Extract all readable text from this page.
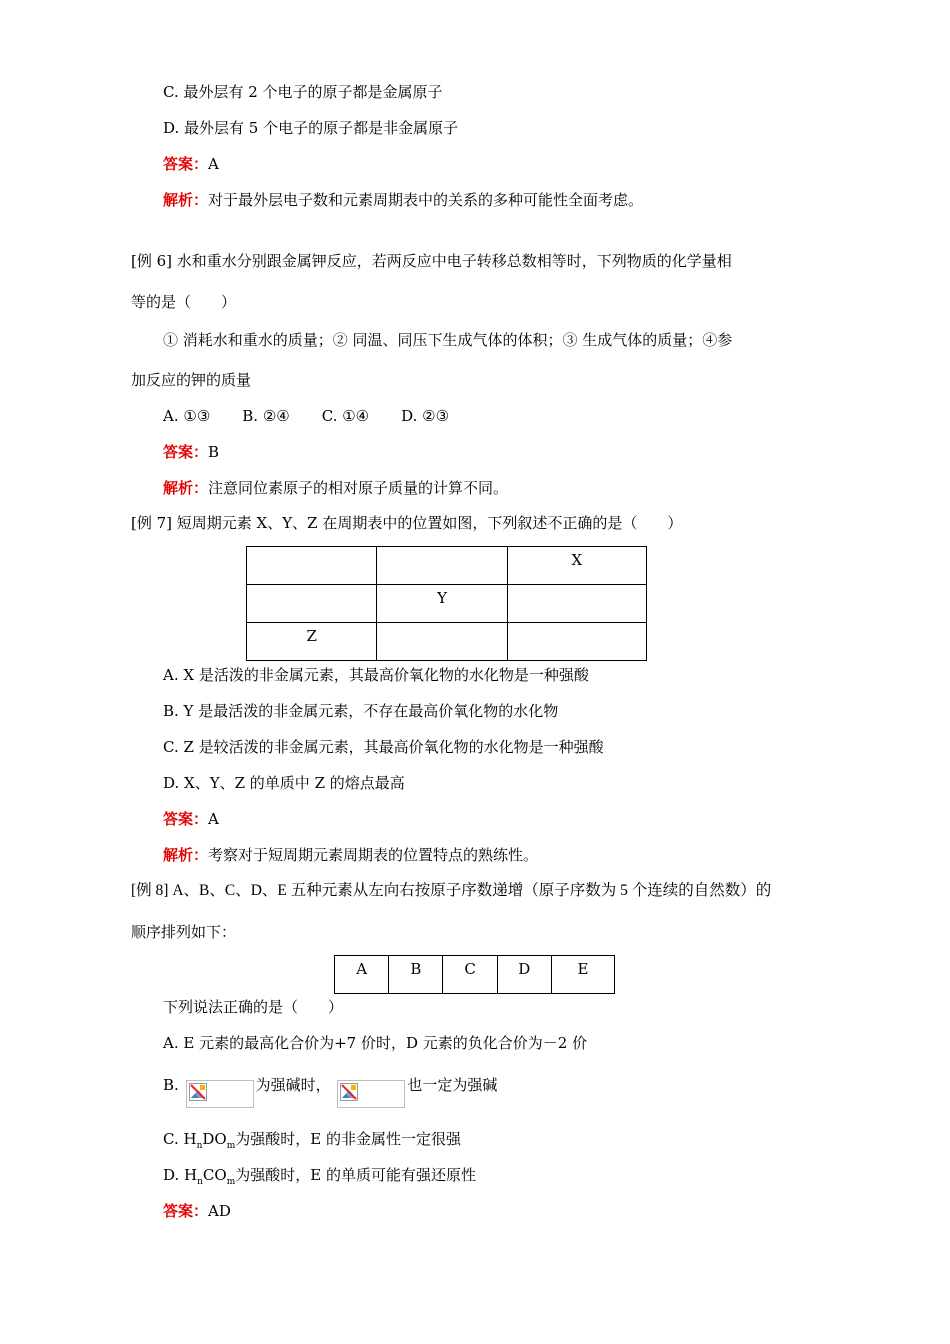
C. 最外层有 2 个电子的原子都是金属原子
D. 最外层有 5 个电子的原子都是非金属原子
答案：A
解析：对于最外层电子数和元素周期表中的关系的多种可能性全面考虑。
[例 6] 水和重水分别跟金属钾反应，若两反应中电子转移总数相等时，下列物质的化学量相
等的是（　　）
① 消耗水和重水的质量；② 同温、同压下生成气体的体积；③ 生成气体的质量；④参
加反应的钾的质量
A. ①③ B. ②④ C. ①④ D. ②③
答案：B
解析：注意同位素原子的相对原子质量的计算不同。
[例 7] 短周期元素 X、Y、Z 在周期表中的位置如图，下列叙述不正确的是（　　）
		X
	Y	
Z		
A. X 是活泼的非金属元素，其最高价氧化物的水化物是一种强酸
B. Y 是最活泼的非金属元素，不存在最高价氧化物的水化物
C. Z 是较活泼的非金属元素，其最高价氧化物的水化物是一种强酸
D. X、Y、Z 的单质中 Z 的熔点最高
答案：A
解析：考察对于短周期元素周期表的位置特点的熟练性。
[例 8] A、B、C、D、E 五种元素从左向右按原子序数递增（原子序数为 5 个连续的自然数）的
顺序排列如下：
A	B	C	D	E
下列说法正确的是（　　）
A. E 元素的最高化合价为+7 价时，D 元素的负化合价为－2 价
B.	为强碱时，	也一定为强碱
C. $H_nDO_m$为强酸时，E 的非金属性一定很强
D. $H_nCO_m$为强酸时，E 的单质可能有强还原性
答案：AD
